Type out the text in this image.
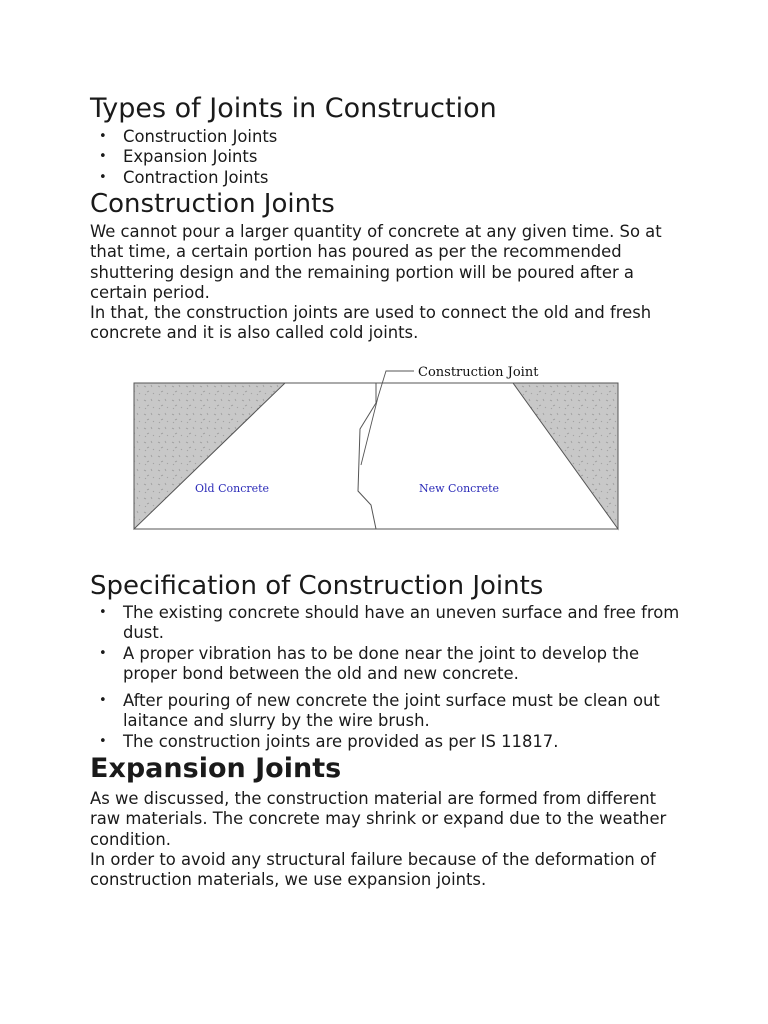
Types of Joints in Construction
• Construction Joints
• Expansion Joints
• Contraction Joints
Construction Joints

We cannot pour a larger quantity of concrete at any given time. So at that time, a certain portion has poured as per the recommended shuttering design and the remaining portion will be poured after a certain period.

In that, the construction joints are used to connect the old and fresh concrete and it is also called cold joints.

Specification of Construction Joints
• The existing concrete should have an uneven surface and free from dust.
• A proper vibration has to be done near the joint to develop the proper bond between the old and new concrete.
• After pouring of new concrete the joint surface must be clean out laitance and slurry by the wire brush.
• The construction joints are provided as per IS 11817.
Expansion Joints

As we discussed, the construction material are formed from different raw materials. The concrete may shrink or expand due to the weather condition.

In order to avoid any structural failure because of the deformation of construction materials, we use expansion joints.

Construction Joint
Old Concrete	New Concrete
